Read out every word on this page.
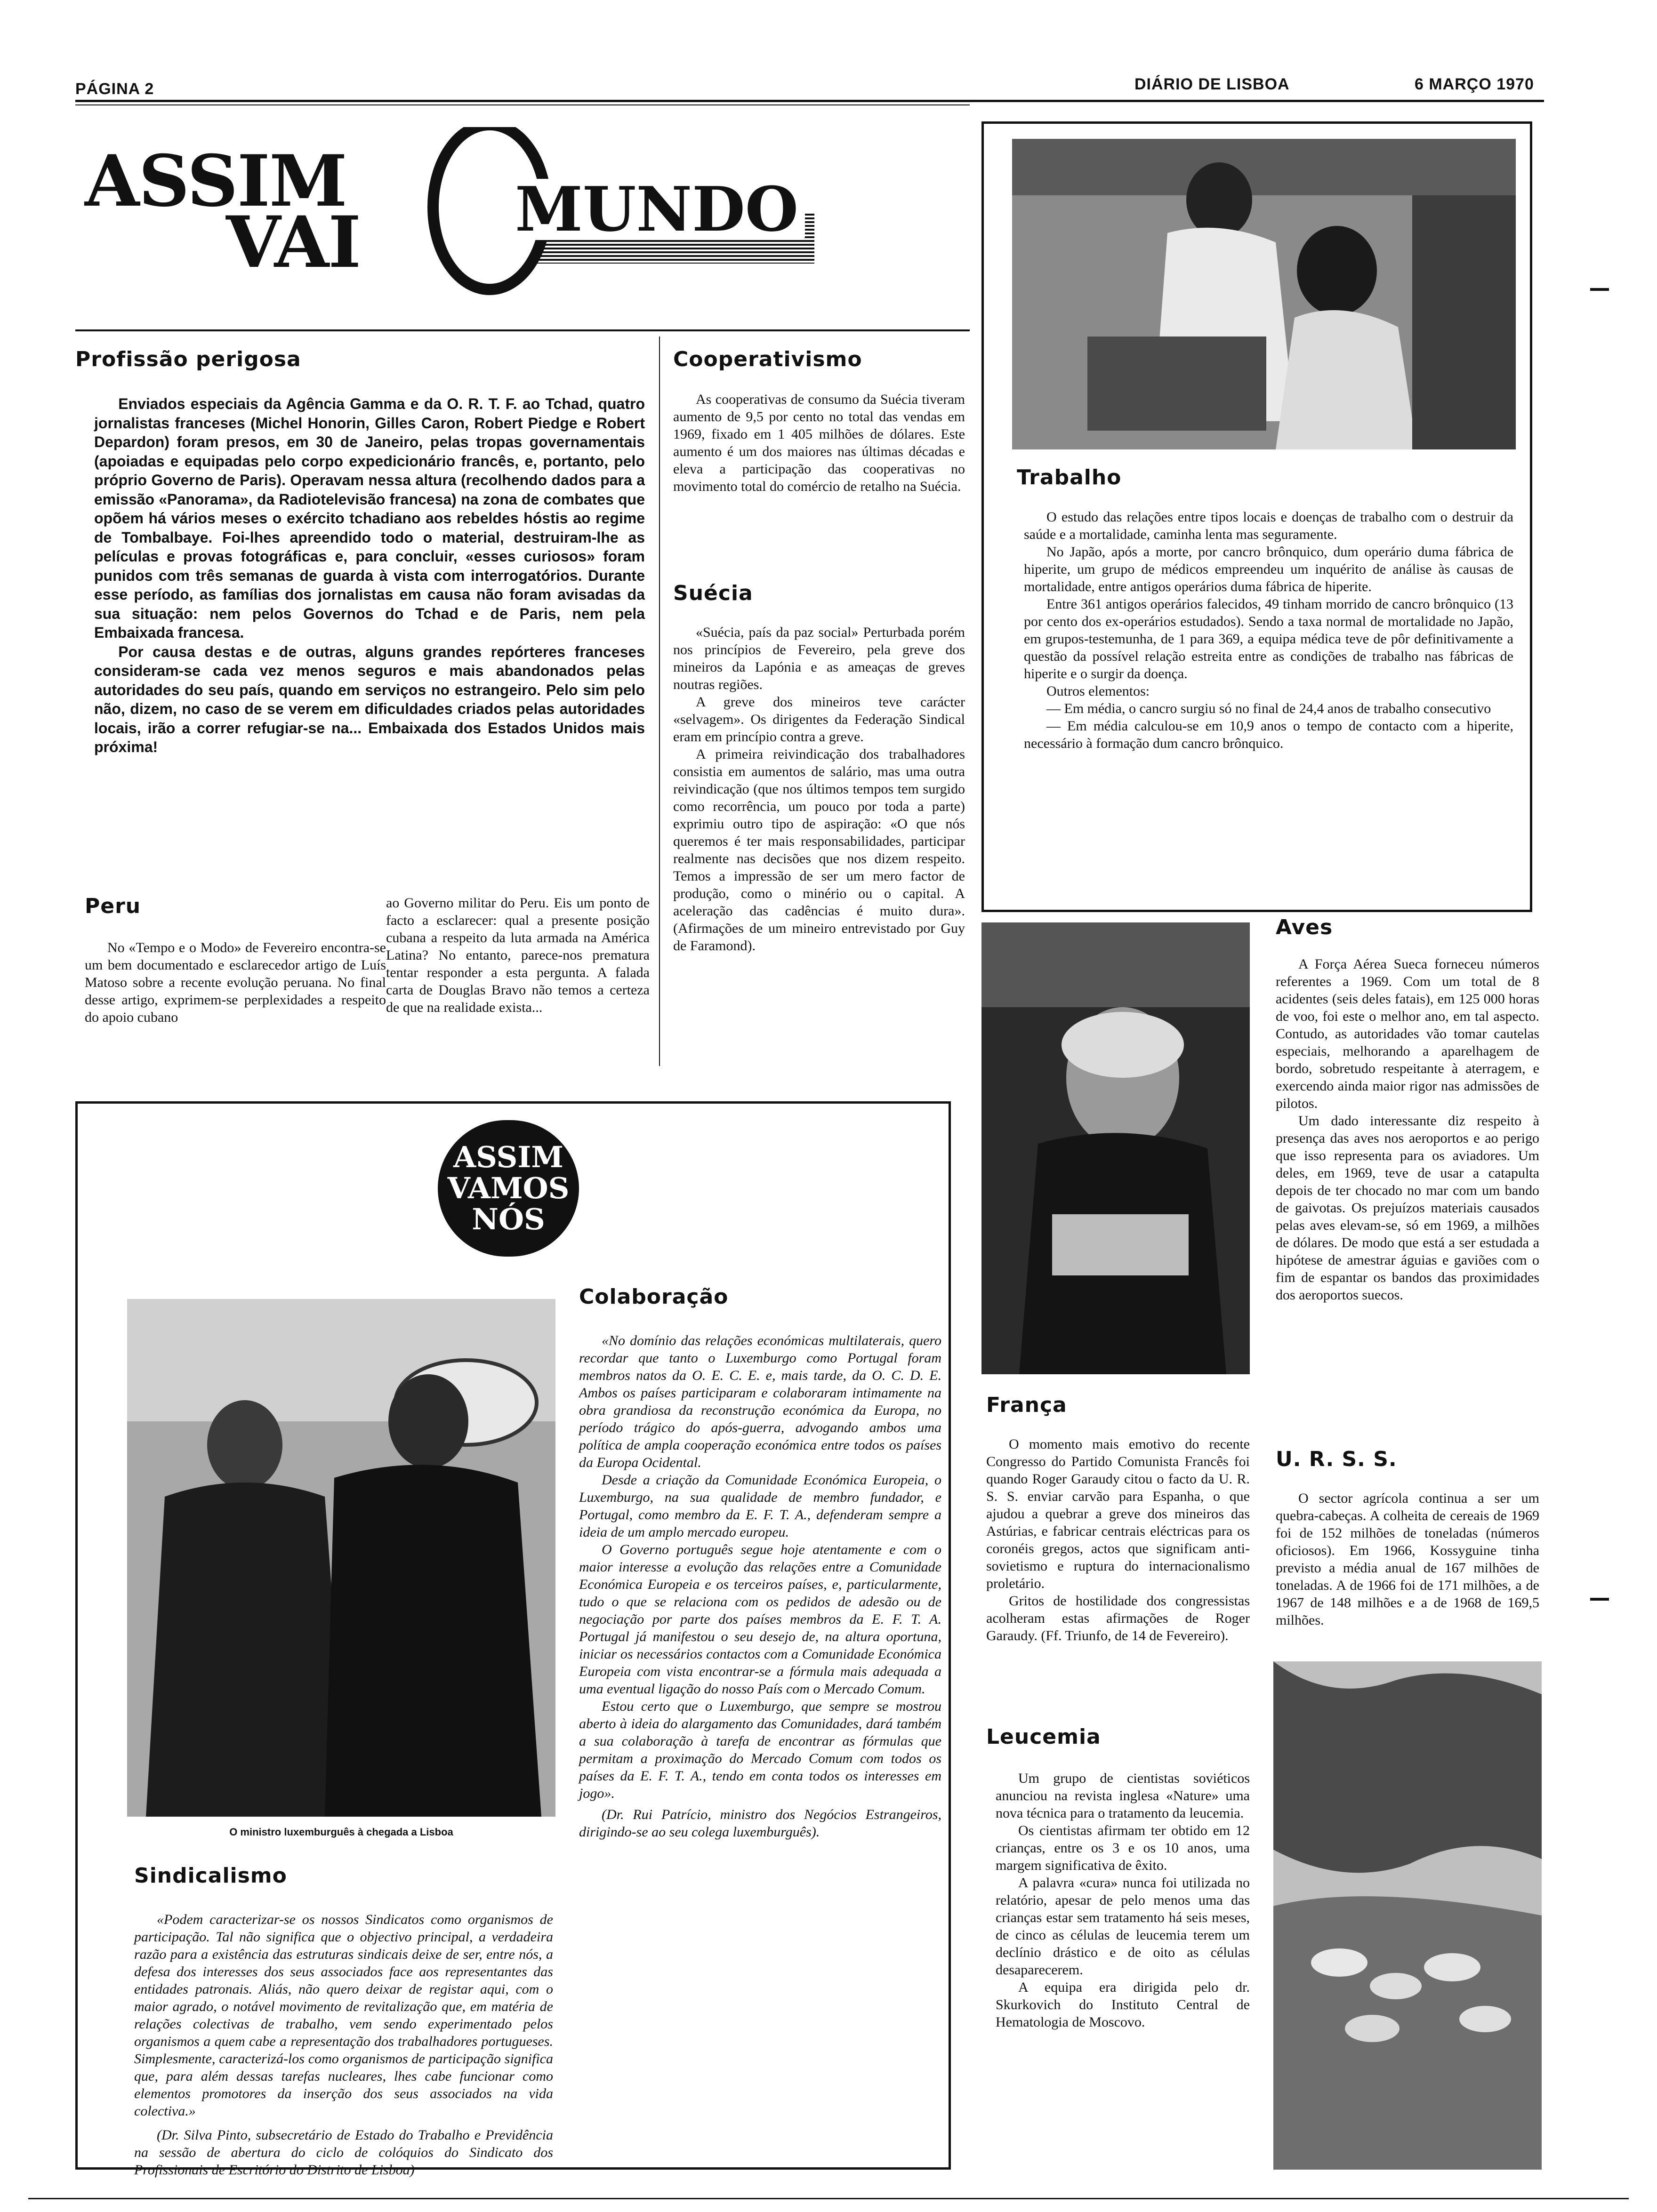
PÁGINA 2	DIÁRIO DE LISBOA	6 MARÇO 1970
ASSIM
VAI	MUNDO
Profissão perigosa

Enviados especiais da Agência Gamma e da O. R. T. F. ao Tchad, quatro jornalistas franceses (Michel Honorin, Gilles Caron, Robert Piedge e Robert Depardon) foram presos, em 30 de Janeiro, pelas tropas governamentais (apoiadas e equipadas pelo corpo expedicionário francês, e, portanto, pelo próprio Governo de Paris). Operavam nessa altura (recolhendo dados para a emissão «Panorama», da Radiotelevisão francesa) na zona de combates que opõem há vários meses o exército tchadiano aos rebeldes hóstis ao regime de Tombalbaye. Foi-lhes apreendido todo o material, destruiram-lhe as películas e provas fotográficas e, para concluir, «esses curiosos» foram punidos com três semanas de guarda à vista com interrogatórios. Durante esse período, as famílias dos jornalistas em causa não foram avisadas da sua situação: nem pelos Governos do Tchad e de Paris, nem pela Embaixada francesa.

Por causa destas e de outras, alguns grandes repórteres franceses consideram-se cada vez menos seguros e mais abandonados pelas autoridades do seu país, quando em serviços no estrangeiro. Pelo sim pelo não, dizem, no caso de se verem em dificuldades criados pelas autoridades locais, irão a correr refugiar-se na... Embaixada dos Estados Unidos mais próxima!

Peru

No «Tempo e o Modo» de Fevereiro encontra-se um bem documentado e esclarecedor artigo de Luís Matoso sobre a recente evolução peruana. No final desse artigo, exprimem-se perplexidades a respeito do apoio cubano

ao Governo militar do Peru. Eis um ponto de facto a esclarecer: qual a presente posição cubana a respeito da luta armada na América Latina? No entanto, parece-nos prematura tentar responder a esta pergunta. A falada carta de Douglas Bravo não temos a certeza de que na realidade exista...

Cooperativismo

As cooperativas de consumo da Suécia tiveram aumento de 9,5 por cento no total das vendas em 1969, fixado em 1 405 milhões de dólares. Este aumento é um dos maiores nas últimas décadas e eleva a participação das cooperativas no movimento total do comércio de retalho na Suécia.

Suécia

«Suécia, país da paz social» Perturbada porém nos princípios de Fevereiro, pela greve dos mineiros da Lapónia e as ameaças de greves noutras regiões.

A greve dos mineiros teve carácter «selvagem». Os dirigentes da Federação Sindical eram em princípio contra a greve.

A primeira reivindicação dos trabalhadores consistia em aumentos de salário, mas uma outra reivindicação (que nos últimos tempos tem surgido como recorrência, um pouco por toda a parte) exprimiu outro tipo de aspiração: «O que nós queremos é ter mais responsabilidades, participar realmente nas decisões que nos dizem respeito. Temos a impressão de ser um mero factor de produção, como o minério ou o capital. A aceleração das cadências é muito dura». (Afirmações de um mineiro entrevistado por Guy de Faramond).

Trabalho

O estudo das relações entre tipos locais e doenças de trabalho com o destruir da saúde e a mortalidade, caminha lenta mas seguramente.

No Japão, após a morte, por cancro brônquico, dum operário duma fábrica de hiperite, um grupo de médicos empreendeu um inquérito de análise às causas de mortalidade, entre antigos operários duma fábrica de hiperite.

Entre 361 antigos operários falecidos, 49 tinham morrido de cancro brônquico (13 por cento dos ex-operários estudados). Sendo a taxa normal de mortalidade no Japão, em grupos-testemunha, de 1 para 369, a equipa médica teve de pôr definitivamente a questão da possível relação estreita entre as condições de trabalho nas fábricas de hiperite e o surgir da doença.

Outros elementos:

— Em média, o cancro surgiu só no final de 24,4 anos de trabalho consecutivo

— Em média calculou-se em 10,9 anos o tempo de contacto com a hiperite, necessário à formação dum cancro brônquico.

França

O momento mais emotivo do recente Congresso do Partido Comunista Francês foi quando Roger Garaudy citou o facto da U. R. S. S. enviar carvão para Espanha, o que ajudou a quebrar a greve dos mineiros das Astúrias, e fabricar centrais eléctricas para os coronéis gregos, actos que significam anti-sovietismo e ruptura do internacionalismo proletário.

Gritos de hostilidade dos congressistas acolheram estas afirmações de Roger Garaudy. (Ff. Triunfo, de 14 de Fevereiro).

Leucemia

Um grupo de cientistas soviéticos anunciou na revista inglesa «Nature» uma nova técnica para o tratamento da leucemia.

Os cientistas afirmam ter obtido em 12 crianças, entre os 3 e os 10 anos, uma margem significativa de êxito.

A palavra «cura» nunca foi utilizada no relatório, apesar de pelo menos uma das crianças estar sem tratamento há seis meses, de cinco as células de leucemia terem um declínio drástico e de oito as células desaparecerem.

A equipa era dirigida pelo dr. Skurkovich do Instituto Central de Hematologia de Moscovo.

Aves

A Força Aérea Sueca forneceu números referentes a 1969. Com um total de 8 acidentes (seis deles fatais), em 125 000 horas de voo, foi este o melhor ano, em tal aspecto. Contudo, as autoridades vão tomar cautelas especiais, melhorando a aparelhagem de bordo, sobretudo respeitante à aterragem, e exercendo ainda maior rigor nas admissões de pilotos.

Um dado interessante diz respeito à presença das aves nos aeroportos e ao perigo que isso representa para os aviadores. Um deles, em 1969, teve de usar a catapulta depois de ter chocado no mar com um bando de gaivotas. Os prejuízos materiais causados pelas aves elevam-se, só em 1969, a milhões de dólares. De modo que está a ser estudada a hipótese de amestrar águias e gaviões com o fim de espantar os bandos das proximidades dos aeroportos suecos.

U. R. S. S.

O sector agrícola continua a ser um quebra-cabeças. A colheita de cereais de 1969 foi de 152 milhões de toneladas (números oficiosos). Em 1966, Kossyguine tinha previsto a média anual de 167 milhões de toneladas. A de 1966 foi de 171 milhões, a de 1967 de 148 milhões e a de 1968 de 169,5 milhões.

ASSIM
VAMOS
NÓS
O ministro luxemburguês à chegada a Lisboa
Sindicalismo

«Podem caracterizar-se os nossos Sindicatos como organismos de participação. Tal não significa que o objectivo principal, a verdadeira razão para a existência das estruturas sindicais deixe de ser, entre nós, a defesa dos interesses dos seus associados face aos representantes das entidades patronais. Aliás, não quero deixar de registar aqui, com o maior agrado, o notável movimento de revitalização que, em matéria de relações colectivas de trabalho, vem sendo experimentado pelos organismos a quem cabe a representação dos trabalhadores portugueses. Simplesmente, caracterizá-los como organismos de participação significa que, para além dessas tarefas nucleares, lhes cabe funcionar como elementos promotores da inserção dos seus associados na vida colectiva.»

(Dr. Silva Pinto, subsecretário de Estado do Trabalho e Previdência na sessão de abertura do ciclo de colóquios do Sindicato dos Profissionais de Escritório do Distrito de Lisboa)

Colaboração

«No domínio das relações económicas multilaterais, quero recordar que tanto o Luxemburgo como Portugal foram membros natos da O. E. C. E. e, mais tarde, da O. C. D. E. Ambos os países participaram e colaboraram intimamente na obra grandiosa da reconstrução económica da Europa, no período trágico do após-guerra, advogando ambos uma política de ampla cooperação económica entre todos os países da Europa Ocidental.

Desde a criação da Comunidade Económica Europeia, o Luxemburgo, na sua qualidade de membro fundador, e Portugal, como membro da E. F. T. A., defenderam sempre a ideia de um amplo mercado europeu.

O Governo português segue hoje atentamente e com o maior interesse a evolução das relações entre a Comunidade Económica Europeia e os terceiros países, e, particularmente, tudo o que se relaciona com os pedidos de adesão ou de negociação por parte dos países membros da E. F. T. A. Portugal já manifestou o seu desejo de, na altura oportuna, iniciar os necessários contactos com a Comunidade Económica Europeia com vista encontrar-se a fórmula mais adequada a uma eventual ligação do nosso País com o Mercado Comum.

Estou certo que o Luxemburgo, que sempre se mostrou aberto à ideia do alargamento das Comunidades, dará também a sua colaboração à tarefa de encontrar as fórmulas que permitam a proximação do Mercado Comum com todos os países da E. F. T. A., tendo em conta todos os interesses em jogo».

(Dr. Rui Patrício, ministro dos Negócios Estrangeiros, dirigindo-se ao seu colega luxemburguês).
